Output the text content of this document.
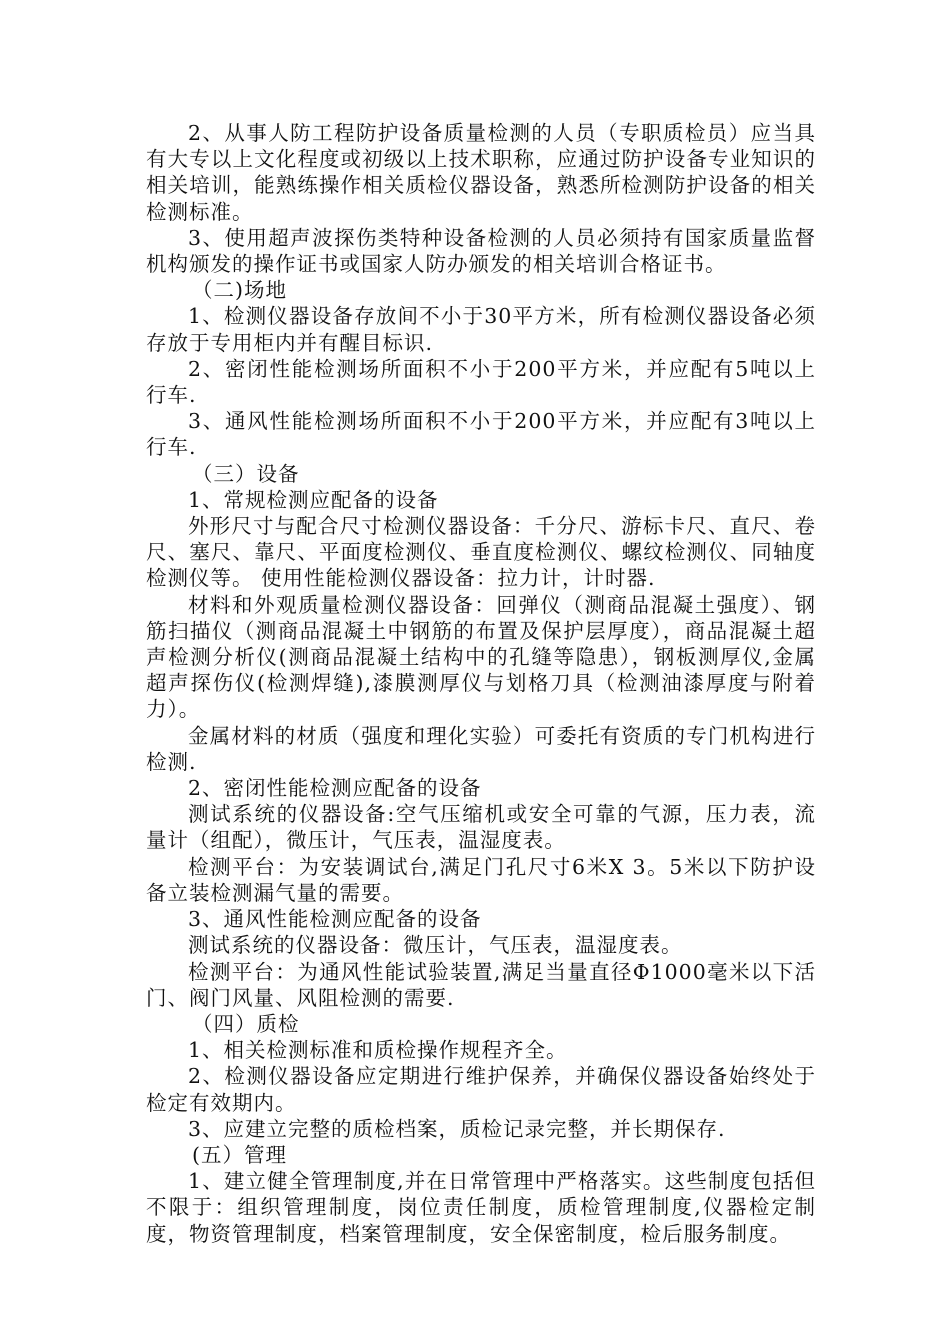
2、从事人防工程防护设备质量检测的人员（专职质检员）应当具有大专以上文化程度或初级以上技术职称，应通过防护设备专业知识的相关培训，能熟练操作相关质检仪器设备，熟悉所检测防护设备的相关检测标准。

3、使用超声波探伤类特种设备检测的人员必须持有国家质量监督机构颁发的操作证书或国家人防办颁发的相关培训合格证书。

（二)场地

1、检测仪器设备存放间不小于30平方米，所有检测仪器设备必须存放于专用柜内并有醒目标识.

2、密闭性能检测场所面积不小于200平方米，并应配有5吨以上行车.

3、通风性能检测场所面积不小于200平方米，并应配有3吨以上行车.

（三）设备

1、常规检测应配备的设备

外形尺寸与配合尺寸检测仪器设备：千分尺、游标卡尺、直尺、卷尺、塞尺、靠尺、平面度检测仪、垂直度检测仪、螺纹检测仪、同轴度检测仪等。 使用性能检测仪器设备：拉力计，计时器.

材料和外观质量检测仪器设备：回弹仪（测商品混凝土强度）、钢筋扫描仪（测商品混凝土中钢筋的布置及保护层厚度），商品混凝土超声检测分析仪(测商品混凝土结构中的孔缝等隐患），钢板测厚仪,金属超声探伤仪(检测焊缝),漆膜测厚仪与划格刀具（检测油漆厚度与附着力）。

金属材料的材质（强度和理化实验）可委托有资质的专门机构进行检测.

2、密闭性能检测应配备的设备

测试系统的仪器设备:空气压缩机或安全可靠的气源，压力表，流量计（组配），微压计，气压表，温湿度表。

检测平台：为安装调试台,满足门孔尺寸6米X 3。5米以下防护设备立装检测漏气量的需要。

3、通风性能检测应配备的设备

测试系统的仪器设备：微压计，气压表，温湿度表。

检测平台：为通风性能试验装置,满足当量直径Φ1000毫米以下活门、阀门风量、风阻检测的需要.

（四）质检

1、相关检测标准和质检操作规程齐全。

2、检测仪器设备应定期进行维护保养，并确保仪器设备始终处于检定有效期内。

3、应建立完整的质检档案，质检记录完整，并长期保存.

(五）管理

1、建立健全管理制度,并在日常管理中严格落实。这些制度包括但不限于：组织管理制度，岗位责任制度，质检管理制度,仪器检定制度，物资管理制度，档案管理制度，安全保密制度，检后服务制度。
